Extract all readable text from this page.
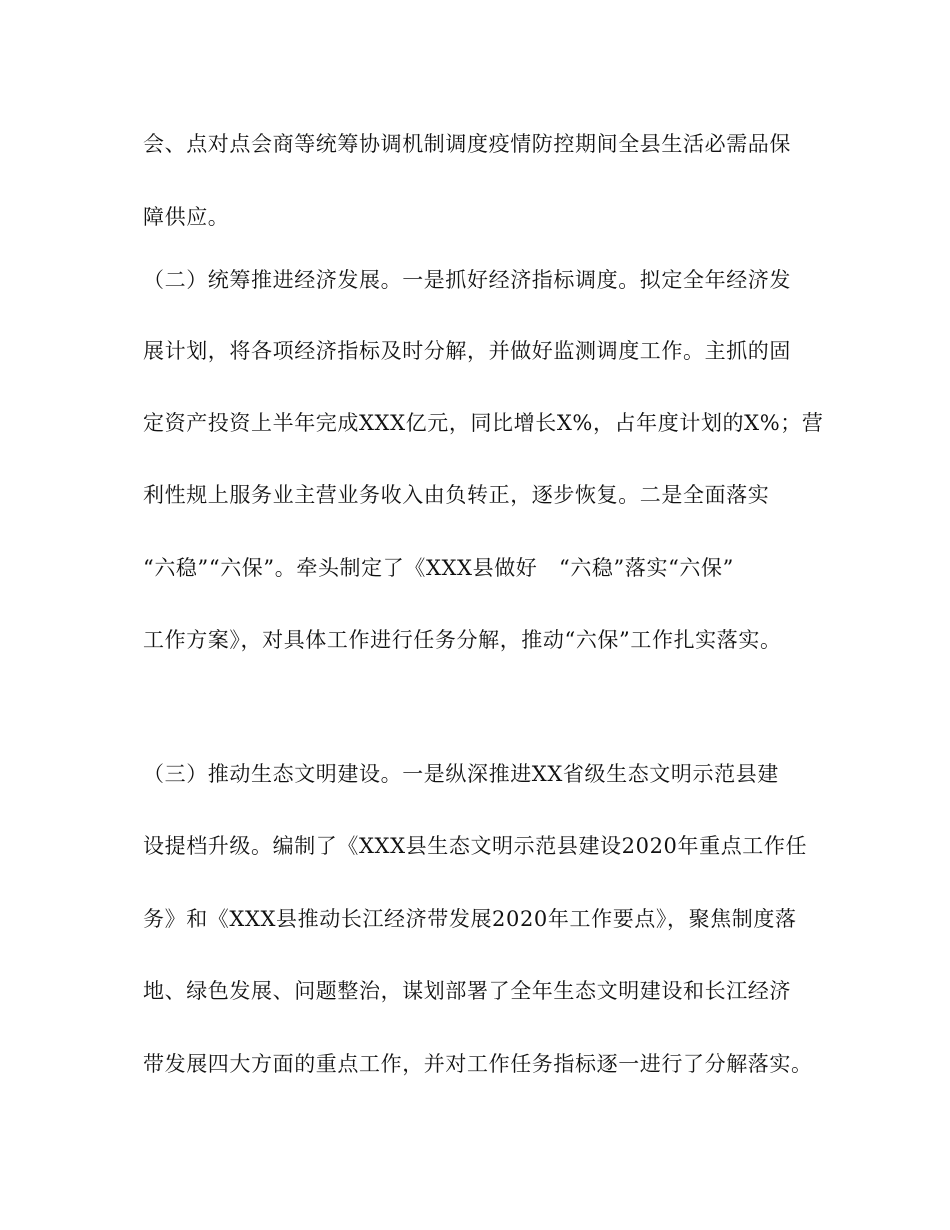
会、点对点会商等统筹协调机制调度疫情防控期间全县生活必需品保
障供应。
（二）统筹推进经济发展。一是抓好经济指标调度。拟定全年经济发
展计划，将各项经济指标及时分解，并做好监测调度工作。主抓的固
定资产投资上半年完成XXX亿元，同比增长X%，占年度计划的X%；营
利性规上服务业主营业务收入由负转正，逐步恢复。二是全面落实
“六稳”“六保”。牵头制定了《XXX县做好　“六稳”落实“六保”
工作方案》，对具体工作进行任务分解，推动“六保”工作扎实落实。
（三）推动生态文明建设。一是纵深推进XX省级生态文明示范县建
设提档升级。编制了《XXX县生态文明示范县建设2020年重点工作任
务》和《XXX县推动长江经济带发展2020年工作要点》，聚焦制度落
地、绿色发展、问题整治，谋划部署了全年生态文明建设和长江经济
带发展四大方面的重点工作，并对工作任务指标逐一进行了分解落实。
